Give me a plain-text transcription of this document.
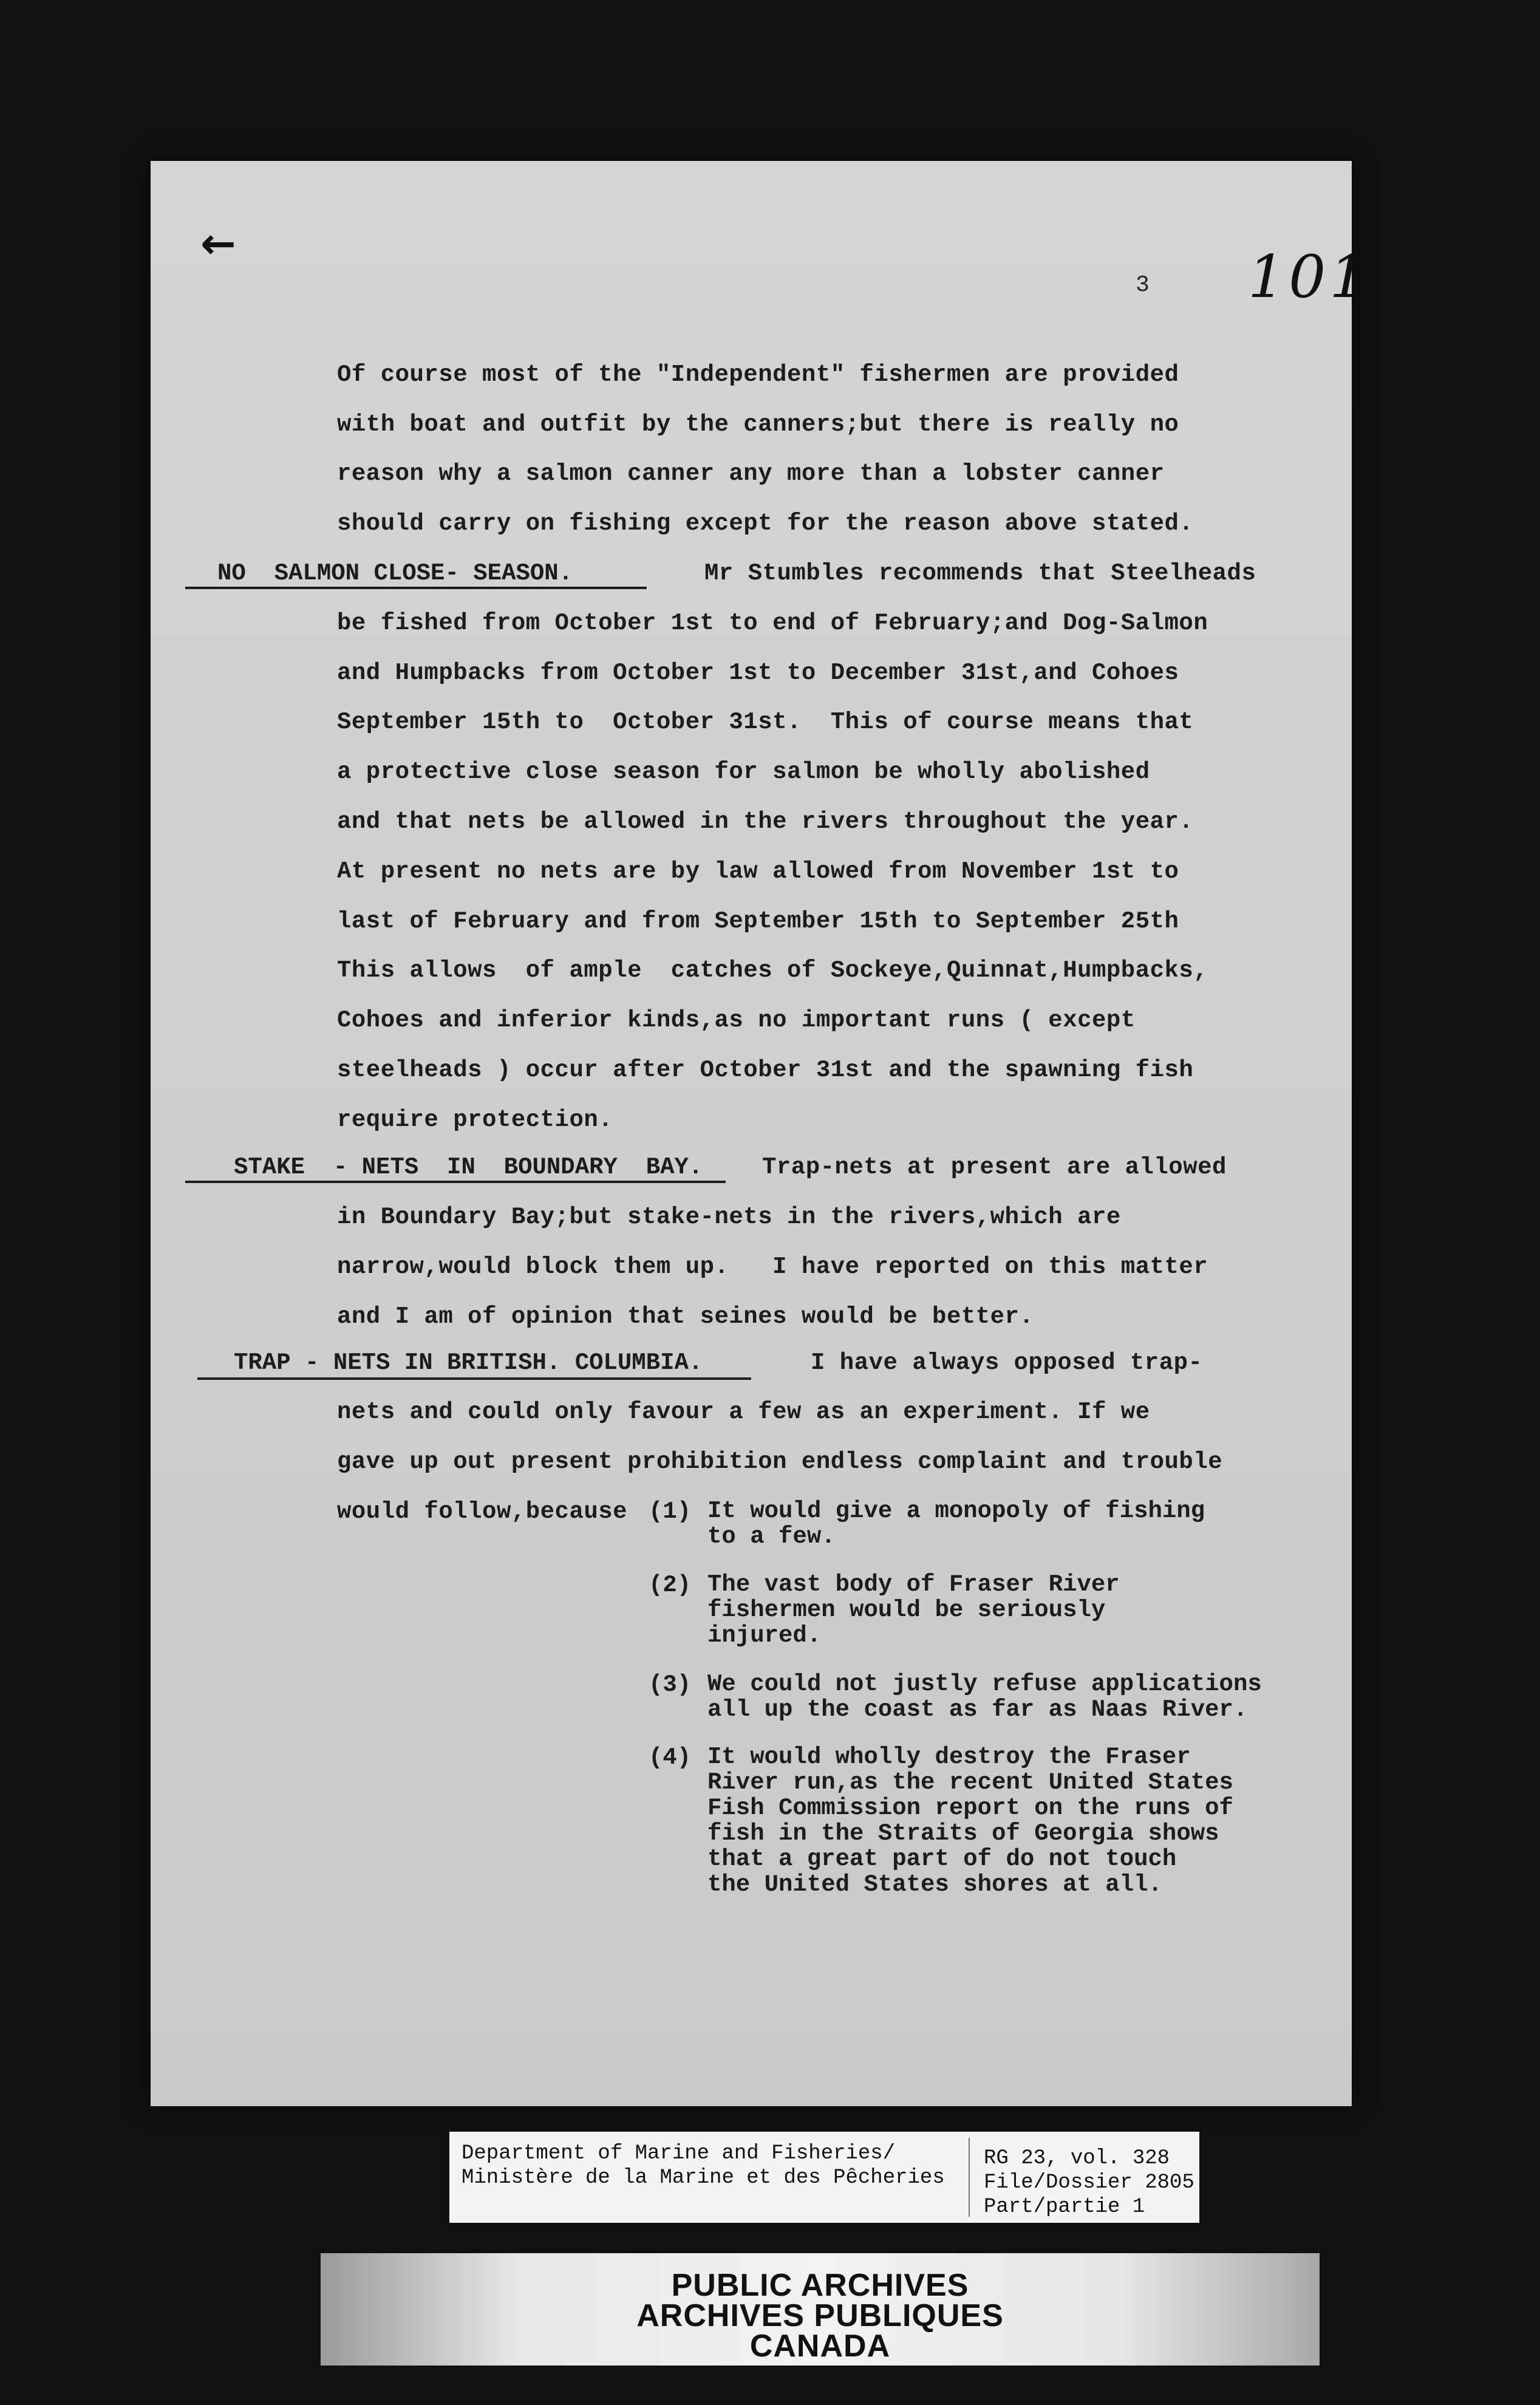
←
3 101
Of course most of the "Independent" fishermen are provided
with boat and outfit by the canners;but there is really no
reason why a salmon canner any more than a lobster canner
should carry on fishing except for the reason above stated.
NO  SALMON CLOSE- SEASON.	Mr Stumbles recommends that Steelheads
be fished from October 1st to end of February;and Dog-Salmon
and Humpbacks from October 1st to December 31st,and Cohoes
September 15th to  October 31st.  This of course means that
a protective close season for salmon be wholly abolished
and that nets be allowed in the rivers throughout the year.
At present no nets are by law allowed from November 1st to
last of February and from September 15th to September 25th
This allows  of ample  catches of Sockeye,Quinnat,Humpbacks,
Cohoes and inferior kinds,as no important runs ( except
steelheads ) occur after October 31st and the spawning fish
require protection.
STAKE  - NETS  IN  BOUNDARY  BAY.	Trap-nets at present are allowed
in Boundary Bay;but stake-nets in the rivers,which are
narrow,would block them up.   I have reported on this matter
and I am of opinion that seines would be better.
TRAP - NETS IN BRITISH. COLUMBIA.	I have always opposed trap-
nets and could only favour a few as an experiment. If we
gave up out present prohibition endless complaint and trouble
would follow,because (1) It would give a monopoly of fishing
to a few.
(2) The vast body of Fraser River
fishermen would be seriously
injured.
(3) We could not justly refuse applications
all up the coast as far as Naas River.
(4) It would wholly destroy the Fraser
River run,as the recent United States
Fish Commission report on the runs of
fish in the Straits of Georgia shows
that a great part of do not touch
the United States shores at all.
Department of Marine and Fisheries/
Ministère de la Marine et des Pêcheries
RG 23, vol. 328
File/Dossier 2805
Part/partie 1
PUBLIC ARCHIVES
ARCHIVES PUBLIQUES
CANADA
